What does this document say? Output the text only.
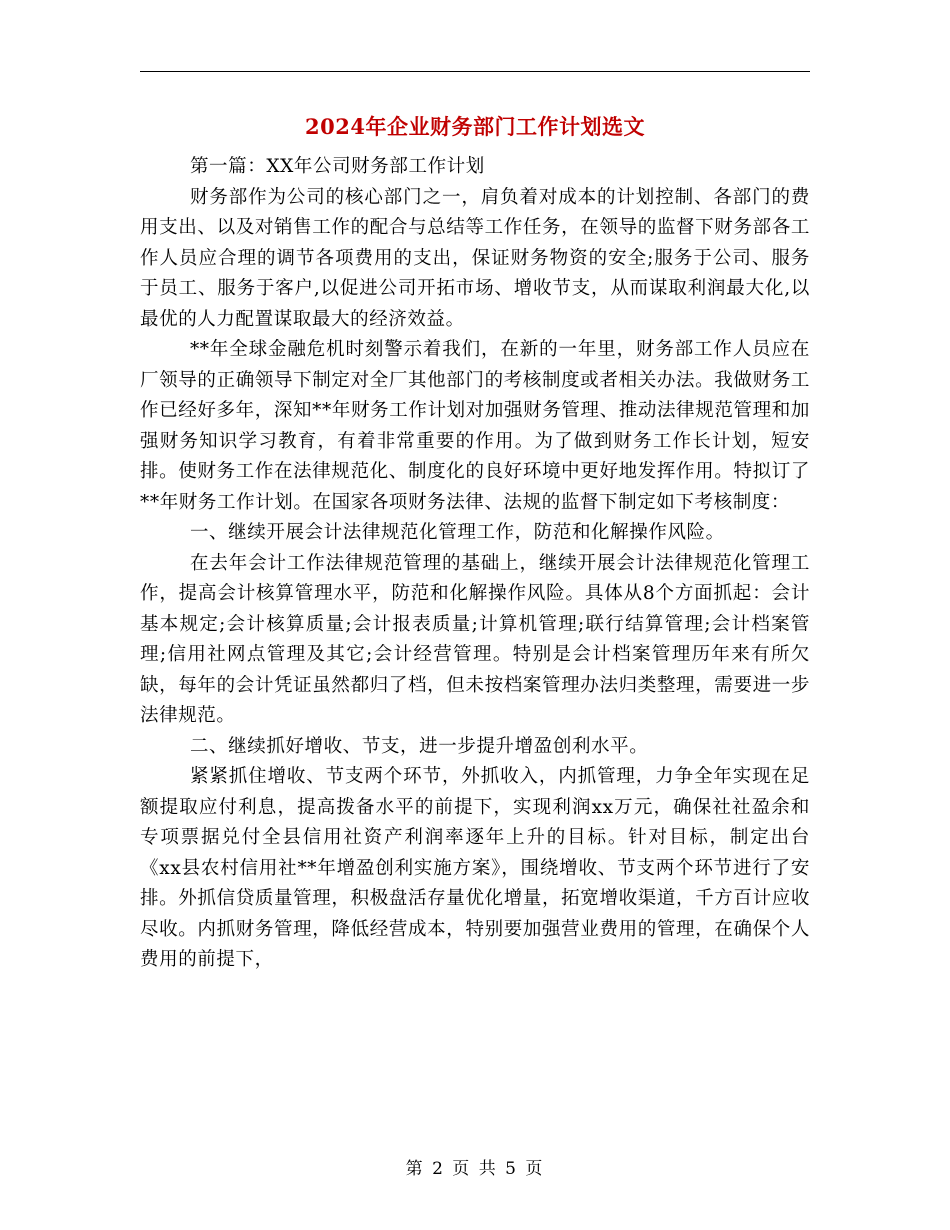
2024年企业财务部门工作计划选文

第一篇：XX年公司财务部工作计划

财务部作为公司的核心部门之一，肩负着对成本的计划控制、各部门的费用支出、以及对销售工作的配合与总结等工作任务，在领导的监督下财务部各工作人员应合理的调节各项费用的支出，保证财务物资的安全;服务于公司、服务于员工、服务于客户,以促进公司开拓市场、增收节支，从而谋取利润最大化,以最优的人力配置谋取最大的经济效益。

**年全球金融危机时刻警示着我们，在新的一年里，财务部工作人员应在厂领导的正确领导下制定对全厂其他部门的考核制度或者相关办法。我做财务工作已经好多年，深知**年财务工作计划对加强财务管理、推动法律规范管理和加强财务知识学习教育，有着非常重要的作用。为了做到财务工作长计划，短安排。使财务工作在法律规范化、制度化的良好环境中更好地发挥作用。特拟订了**年财务工作计划。在国家各项财务法律、法规的监督下制定如下考核制度：

一、继续开展会计法律规范化管理工作，防范和化解操作风险。

在去年会计工作法律规范管理的基础上，继续开展会计法律规范化管理工作，提高会计核算管理水平，防范和化解操作风险。具体从8个方面抓起：会计基本规定;会计核算质量;会计报表质量;计算机管理;联行结算管理;会计档案管理;信用社网点管理及其它;会计经营管理。特别是会计档案管理历年来有所欠缺，每年的会计凭证虽然都归了档，但未按档案管理办法归类整理，需要进一步法律规范。

二、继续抓好增收、节支，进一步提升增盈创利水平。

紧紧抓住增收、节支两个环节，外抓收入，内抓管理，力争全年实现在足额提取应付利息，提高拨备水平的前提下，实现利润xx万元，确保社社盈余和专项票据兑付全县信用社资产利润率逐年上升的目标。针对目标，制定出台《xx县农村信用社**年增盈创利实施方案》，围绕增收、节支两个环节进行了安排。外抓信贷质量管理，积极盘活存量优化增量，拓宽增收渠道，千方百计应收尽收。内抓财务管理，降低经营成本，特别要加强营业费用的管理，在确保个人费用的前提下，

第 2 页 共 5 页
